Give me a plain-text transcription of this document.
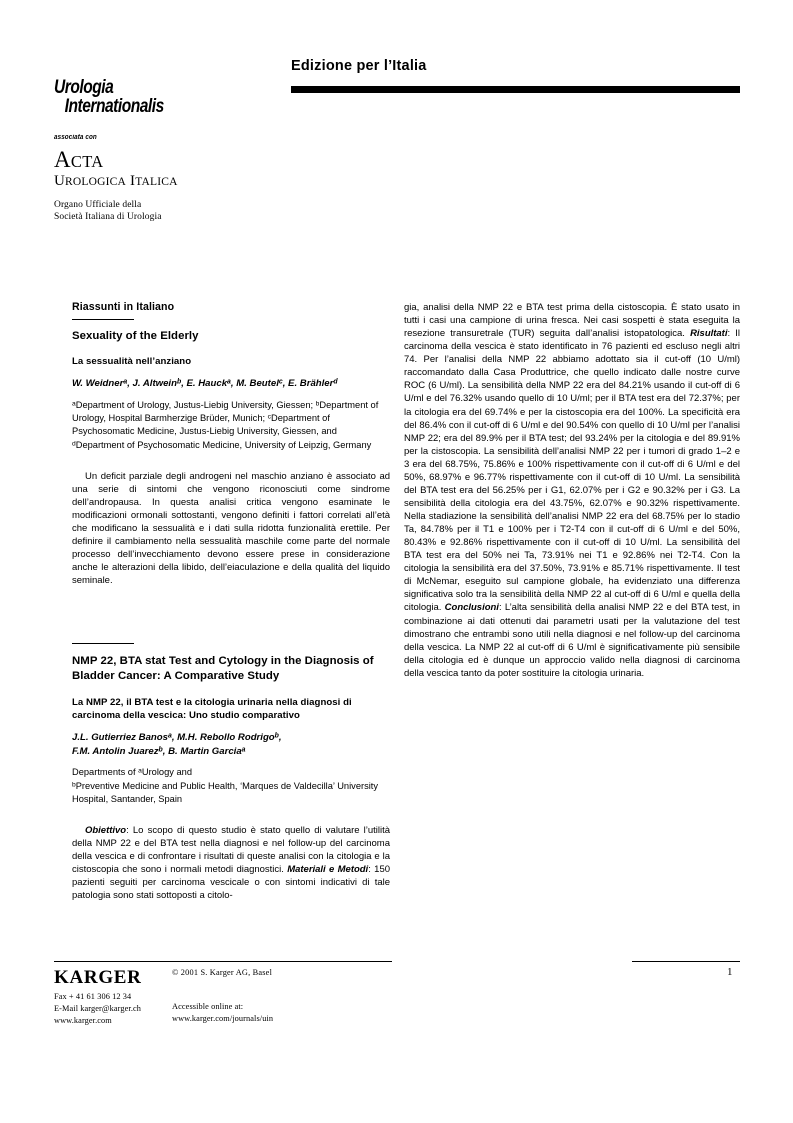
Edizione per l’Italia
Urologia
Internationalis
associata con
ACTA
UROLOGICA ITALICA
Organo Ufficiale della
Società Italiana di Urologia
Riassunti in Italiano
Sexuality of the Elderly
La sessualità nell’anziano
W. Weidner$^a$, J. Altwein$^b$, E. Hauck$^a$, M. Beutel$^c$, E. Brähler$^d$
$^a$Department of Urology, Justus-Liebig University, Giessen; $^b$Department of Urology, Hospital Barmherzige Brüder, Munich; $^c$Department of Psychosomatic Medicine, Justus-Liebig University, Giessen, and $^d$Department of Psychosomatic Medicine, University of Leipzig, Germany
Un deficit parziale degli androgeni nel maschio anziano è associato ad una serie di sintomi che vengono riconosciuti come sindrome dell’andropausa. In questa analisi critica vengono esaminate le modificazioni ormonali sottostanti, vengono definiti i fattori correlati all’età che modificano la sessualità e i dati sulla ridotta funzionalità erettile. Per definire il cambiamento nella sessualità maschile come parte del normale processo dell’invecchiamento devono essere prese in considerazione anche le alterazioni della libido, dell’eiaculazione e della qualità del liquido seminale.
NMP 22, BTA stat Test and Cytology in the Diagnosis of Bladder Cancer: A Comparative Study
La NMP 22, il BTA test e la citologia urinaria nella diagnosi di carcinoma della vescica: Uno studio comparativo
J.L. Gutierriez Banos$^a$, M.H. Rebollo Rodrigo$^b$,
F.M. Antolin Juarez$^b$, B. Martin Garcia$^a$
Departments of $^a$Urology and
$^b$Preventive Medicine and Public Health, ‘Marques de Valdecilla’ University Hospital, Santander, Spain
Obiettivo: Lo scopo di questo studio è stato quello di valutare l’utilità della NMP 22 e del BTA test nella diagnosi e nel follow-up del carcinoma della vescica e di confrontare i risultati di queste analisi con la citologia e la cistoscopia che sono i normali metodi diagnostici. Materiali e Metodi: 150 pazienti seguiti per carcinoma vescicale o con sintomi indicativi di tale patologia sono stati sottoposti a citolo-
gia, analisi della NMP 22 e BTA test prima della cistoscopia. È stato usato in tutti i casi una campione di urina fresca. Nei casi sospetti è stata eseguita la resezione transuretrale (TUR) seguita dall’analisi istopatologica. Risultati: Il carcinoma della vescica è stato identificato in 76 pazienti ed escluso negli altri 74. Per l’analisi della NMP 22 abbiamo adottato sia il cut-off (10 U/ml) raccomandato dalla Casa Produttrice, che quello indicato dalle nostre curve ROC (6 U/ml). La sensibilità della NMP 22 era del 84.21% usando il cut-off di 6 U/ml e del 76.32% usando quello di 10 U/ml; per il BTA test era del 72.37%; per la citologia era del 69.74% e per la cistoscopia era del 100%. La specificità era del 86.4% con il cut-off di 6 U/ml e del 90.54% con quello di 10 U/ml per l’analisi NMP 22; era del 89.9% per il BTA test; del 93.24% per la citologia e del 89.91% per la cistoscopia. La sensibilità dell’analisi NMP 22 per i tumori di grado 1–2 e 3 era del 68.75%, 75.86% e 100% rispettivamente con il cut-off di 6 U/ml e del 50%, 68.97% e 96.77% rispettivamente con il cut-off di 10 U/ml. La sensibilità del BTA test era del 56.25% per i G1, 62.07% per i G2 e 90.32% per i G3. La sensibilità della citologia era del 43.75%, 62.07% e 90.32% rispettivamente. Nella stadiazione la sensibilità dell’analisi NMP 22 era del 68.75% per lo stadio Ta, 84.78% per il T1 e 100% per i T2-T4 con il cut-off di 6 U/ml e del 50%, 80.43% e 92.86% rispettivamente con il cut-off di 10 U/ml. La sensibilità del BTA test era del 50% nei Ta, 73.91% nei T1 e 92.86% nei T2-T4. Con la citologia la sensibilità era del 37.50%, 73.91% e 85.71% rispettivamente. Il test di McNemar, eseguito sul campione globale, ha evidenziato una differenza significativa solo tra la sensibilità della NMP 22 al cut-off di 6 U/ml e quella della citologia. Conclusioni: L’alta sensibilità della analisi NMP 22 e del BTA test, in combinazione ai dati ottenuti dai parametri usati per la valutazione del test dimostrano che entrambi sono utili nella diagnosi e nel follow-up del carcinoma della vescica. La NMP 22 al cut-off di 6 U/ml è significativamente più sensibile della citologia ed è dunque un approccio valido nella diagnosi di carcinoma della vescica tanto da poter sostituire la citologia urinaria.
KARGER	© 2001 S. Karger AG, Basel
Fax + 41 61 306 12 34
E-Mail karger@karger.ch
www.karger.com
Accessible online at:
www.karger.com/journals/uin
1
